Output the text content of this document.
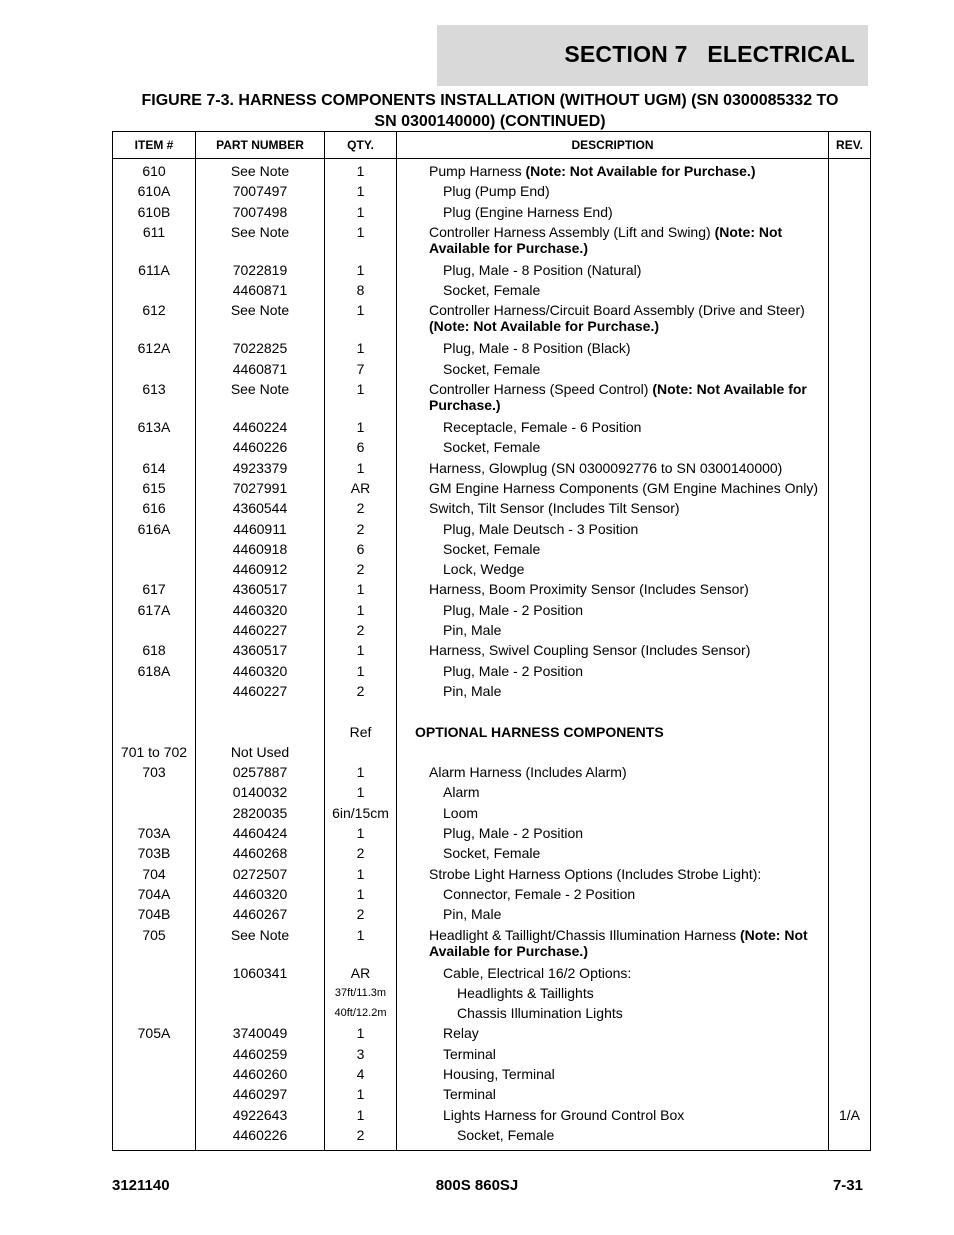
SECTION 7   ELECTRICAL
FIGURE 7-3. HARNESS COMPONENTS INSTALLATION (WITHOUT UGM) (SN 0300085332 TO
SN 0300140000) (CONTINUED)
ITEM #	PART NUMBER	QTY.	DESCRIPTION	REV.
610	See Note	1	Pump Harness (Note: Not Available for Purchase.)	
610A	7007497	1	Plug (Pump End)	
610B	7007498	1	Plug (Engine Harness End)	
611	See Note	1	Controller Harness Assembly (Lift and Swing) (Note: Not Available for Purchase.)	
611A	7022819	1	Plug, Male - 8 Position (Natural)	
	4460871	8	Socket, Female	
612	See Note	1	Controller Harness/Circuit Board Assembly (Drive and Steer) (Note: Not Available for Purchase.)	
612A	7022825	1	Plug, Male - 8 Position (Black)	
	4460871	7	Socket, Female	
613	See Note	1	Controller Harness (Speed Control) (Note: Not Available for Purchase.)	
613A	4460224	1	Receptacle, Female - 6 Position	
	4460226	6	Socket, Female	
614	4923379	1	Harness, Glowplug (SN 0300092776 to SN 0300140000)	
615	7027991	AR	GM Engine Harness Components (GM Engine Machines Only)	
616	4360544	2	Switch, Tilt Sensor (Includes Tilt Sensor)	
616A	4460911	2	Plug, Male Deutsch - 3 Position	
	4460918	6	Socket, Female	
	4460912	2	Lock, Wedge	
617	4360517	1	Harness, Boom Proximity Sensor (Includes Sensor)	
617A	4460320	1	Plug, Male - 2 Position	
	4460227	2	Pin, Male	
618	4360517	1	Harness, Swivel Coupling Sensor (Includes Sensor)	
618A	4460320	1	Plug, Male - 2 Position	
	4460227	2	Pin, Male	

		Ref	OPTIONAL HARNESS COMPONENTS	
701 to 702	Not Used			
703	0257887	1	Alarm Harness (Includes Alarm)	
	0140032	1	Alarm	
	2820035	6in/15cm	Loom	
703A	4460424	1	Plug, Male - 2 Position	
703B	4460268	2	Socket, Female	
704	0272507	1	Strobe Light Harness Options (Includes Strobe Light):	
704A	4460320	1	Connector, Female - 2 Position	
704B	4460267	2	Pin, Male	
705	See Note	1	Headlight & Taillight/Chassis Illumination Harness (Note: Not Available for Purchase.)	
	1060341	AR	Cable, Electrical 16/2 Options:	
		37ft/11.3m	Headlights & Taillights	
		40ft/12.2m	Chassis Illumination Lights	
705A	3740049	1	Relay	
	4460259	3	Terminal	
	4460260	4	Housing, Terminal	
	4460297	1	Terminal	
	4922643	1	Lights Harness for Ground Control Box	1/A
	4460226	2	Socket, Female	
3121140	800S 860SJ	7-31
